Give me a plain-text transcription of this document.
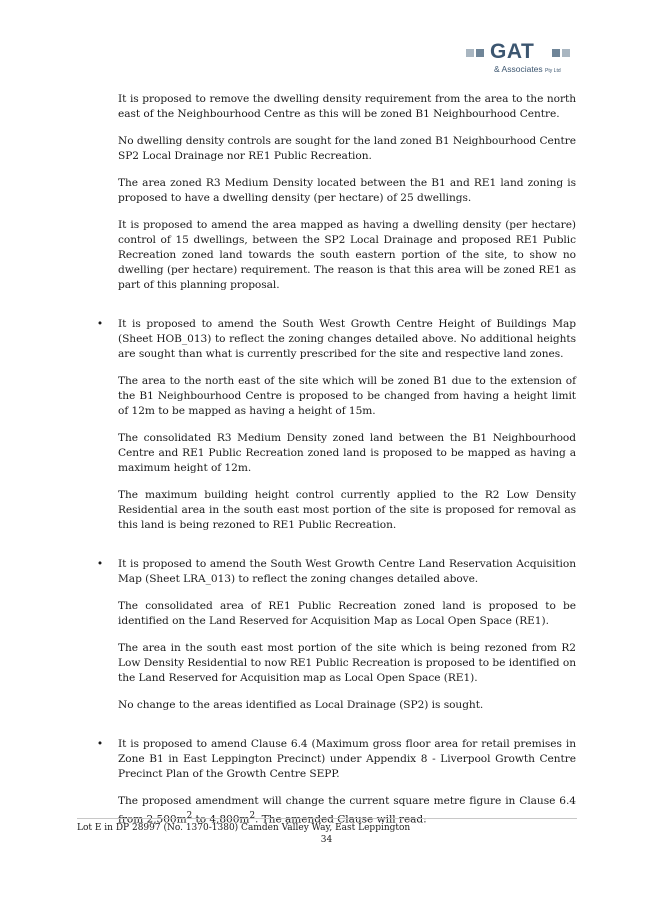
GAT
& Associates Pty Ltd

It is proposed to remove the dwelling density requirement from the area to the north east of the Neighbourhood Centre as this will be zoned B1 Neighbourhood Centre.

No dwelling density controls are sought for the land zoned B1 Neighbourhood Centre SP2 Local Drainage nor RE1 Public Recreation.

The area zoned R3 Medium Density located between the B1 and RE1 land zoning is proposed to have a dwelling density (per hectare) of 25 dwellings.

It is proposed to amend the area mapped as having a dwelling density (per hectare) control of 15 dwellings, between the SP2 Local Drainage and proposed RE1 Public Recreation zoned land towards the south eastern portion of the site, to show no dwelling (per hectare) requirement. The reason is that this area will be zoned RE1 as part of this planning proposal.

• It is proposed to amend the South West Growth Centre Height of Buildings Map (Sheet HOB_013) to reflect the zoning changes detailed above. No additional heights are sought than what is currently prescribed for the site and respective land zones.

The area to the north east of the site which will be zoned B1 due to the extension of the B1 Neighbourhood Centre is proposed to be changed from having a height limit of 12m to be mapped as having a height of 15m.

The consolidated R3 Medium Density zoned land between the B1 Neighbourhood Centre and RE1 Public Recreation zoned land is proposed to be mapped as having a maximum height of 12m.

The maximum building height control currently applied to the R2 Low Density Residential area in the south east most portion of the site is proposed for removal as this land is being rezoned to RE1 Public Recreation.

• It is proposed to amend the South West Growth Centre Land Reservation Acquisition Map (Sheet LRA_013) to reflect the zoning changes detailed above.

The consolidated area of RE1 Public Recreation zoned land is proposed to be identified on the Land Reserved for Acquisition Map as Local Open Space (RE1).

The area in the south east most portion of the site which is being rezoned from R2 Low Density Residential to now RE1 Public Recreation is proposed to be identified on the Land Reserved for Acquisition map as Local Open Space (RE1).

No change to the areas identified as Local Drainage (SP2) is sought.

• It is proposed to amend Clause 6.4 (Maximum gross floor area for retail premises in Zone B1 in East Leppington Precinct) under Appendix 8 - Liverpool Growth Centre Precinct Plan of the Growth Centre SEPP.

The proposed amendment will change the current square metre figure in Clause 6.4 from $2,500m^2$ to $4,800m^2$. The amended Clause will read:

Lot E in DP 28997 (No. 1370-1380) Camden Valley Way, East Leppington
34
